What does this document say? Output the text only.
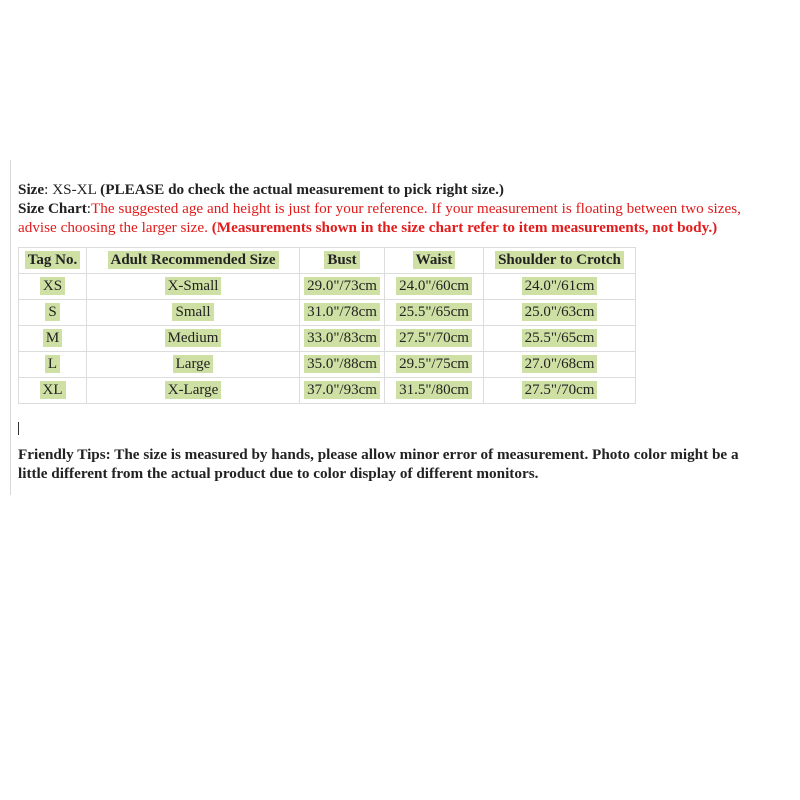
Size: XS-XL (PLEASE do check the actual measurement to pick right size.)
Size Chart:The suggested age and height is just for your reference. If your measurement is floating between two sizes,
advise choosing the larger size. (Measurements shown in the size chart refer to item measurements, not body.)
Tag No.	Adult Recommended Size	Bust	Waist	Shoulder to Crotch
XS	X-Small	29.0"/73cm	24.0"/60cm	24.0"/61cm
S	Small	31.0"/78cm	25.5"/65cm	25.0"/63cm
M	Medium	33.0"/83cm	27.5"/70cm	25.5"/65cm
L	Large	35.0"/88cm	29.5"/75cm	27.0"/68cm
XL	X-Large	37.0"/93cm	31.5"/80cm	27.5"/70cm
Friendly Tips: The size is measured by hands, please allow minor error of measurement. Photo color might be a
little different from the actual product due to color display of different monitors.
